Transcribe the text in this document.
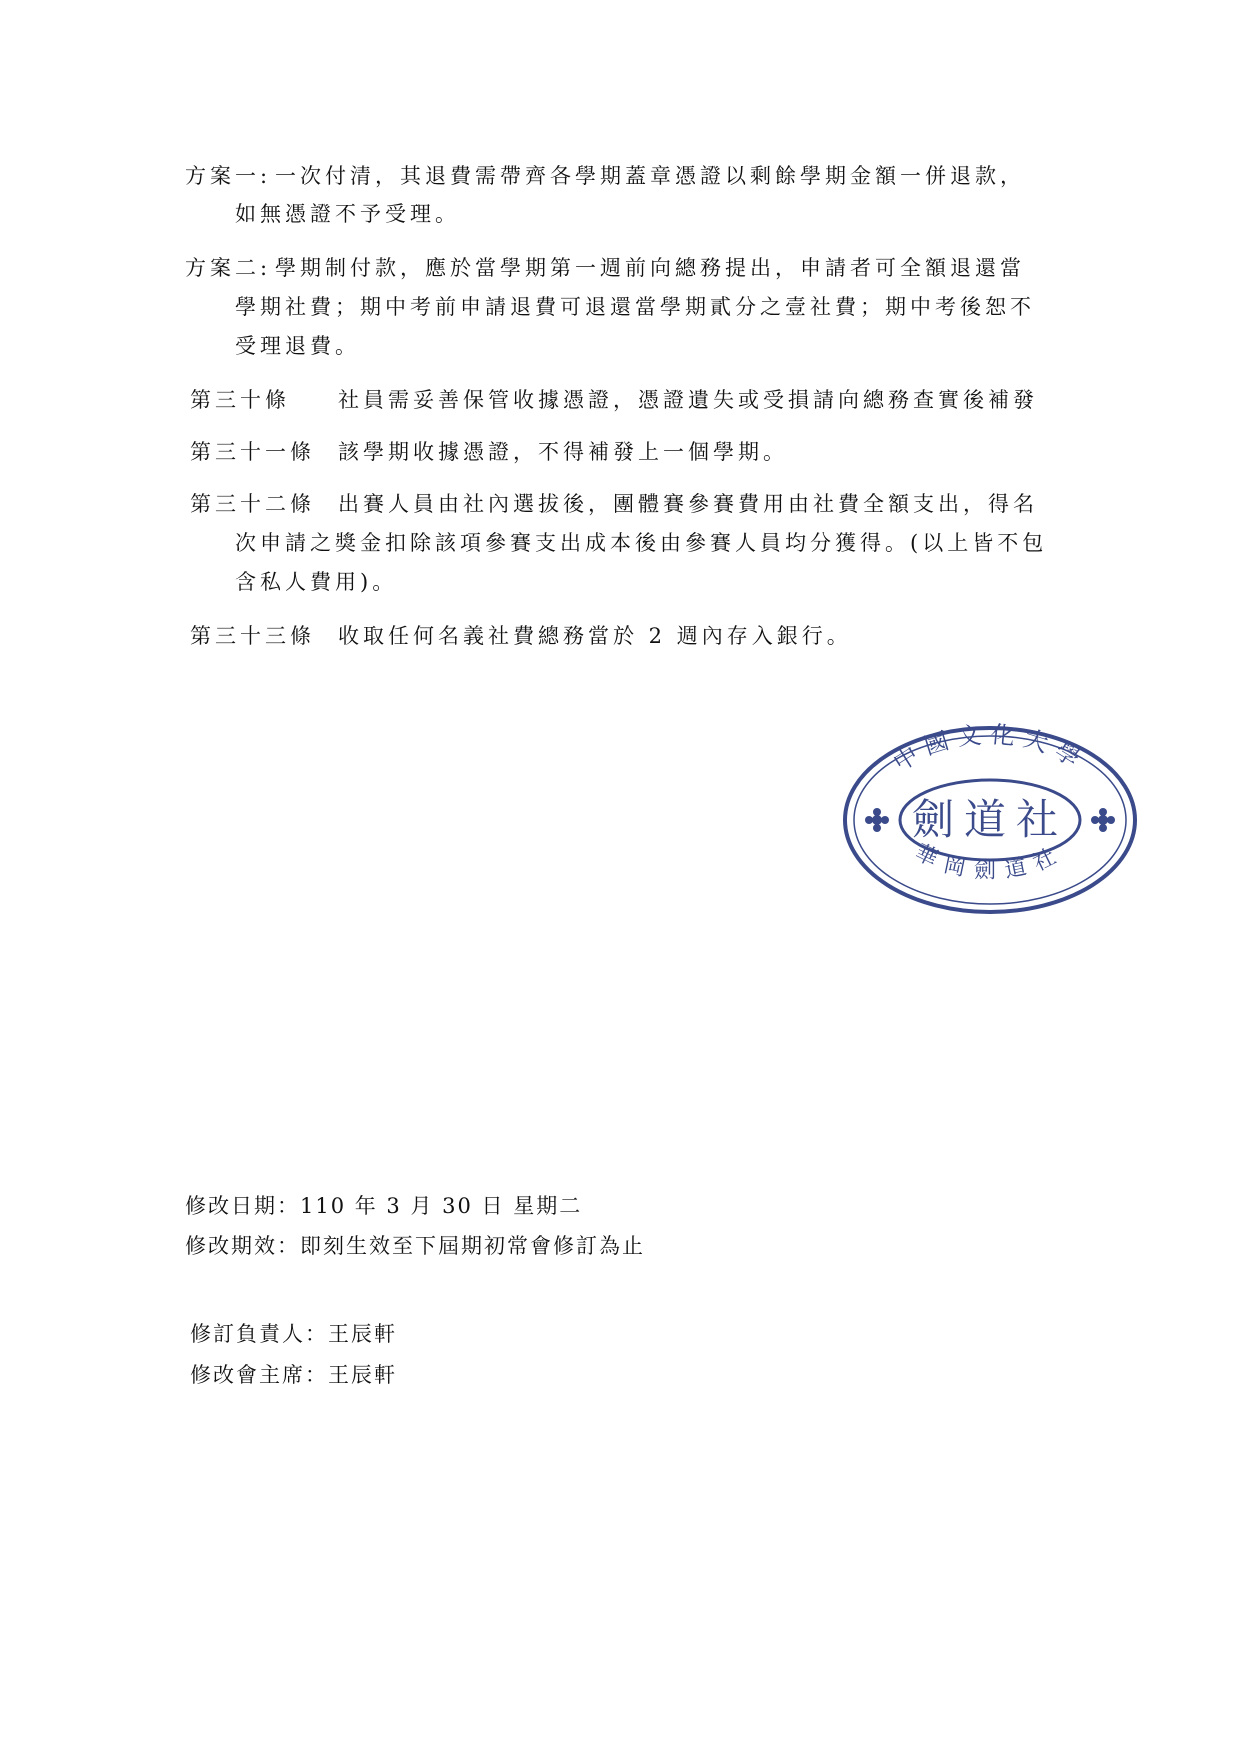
方案一: 一次付清，其退費需帶齊各學期蓋章憑證以剩餘學期金額一併退款，
如無憑證不予受理。
方案二: 學期制付款，應於當學期第一週前向總務提出，申請者可全額退還當
學期社費；期中考前申請退費可退還當學期貳分之壹社費；期中考後恕不
受理退費。
第三十條 社員需妥善保管收據憑證，憑證遺失或受損請向總務查實後補發
第三十一條 該學期收據憑證，不得補發上一個學期。
第三十二條 出賽人員由社內選拔後，團體賽參賽費用由社費全額支出，得名
次申請之獎金扣除該項參賽支出成本後由參賽人員均分獲得。(以上皆不包
含私人費用)。
第三十三條 收取任何名義社費總務當於 2 週內存入銀行。
中國文化大學
劍道社
華岡劍道社
修改日期：110 年 3 月 30 日 星期二
修改期效：即刻生效至下屆期初常會修訂為止
修訂負責人：王辰軒
修改會主席：王辰軒
